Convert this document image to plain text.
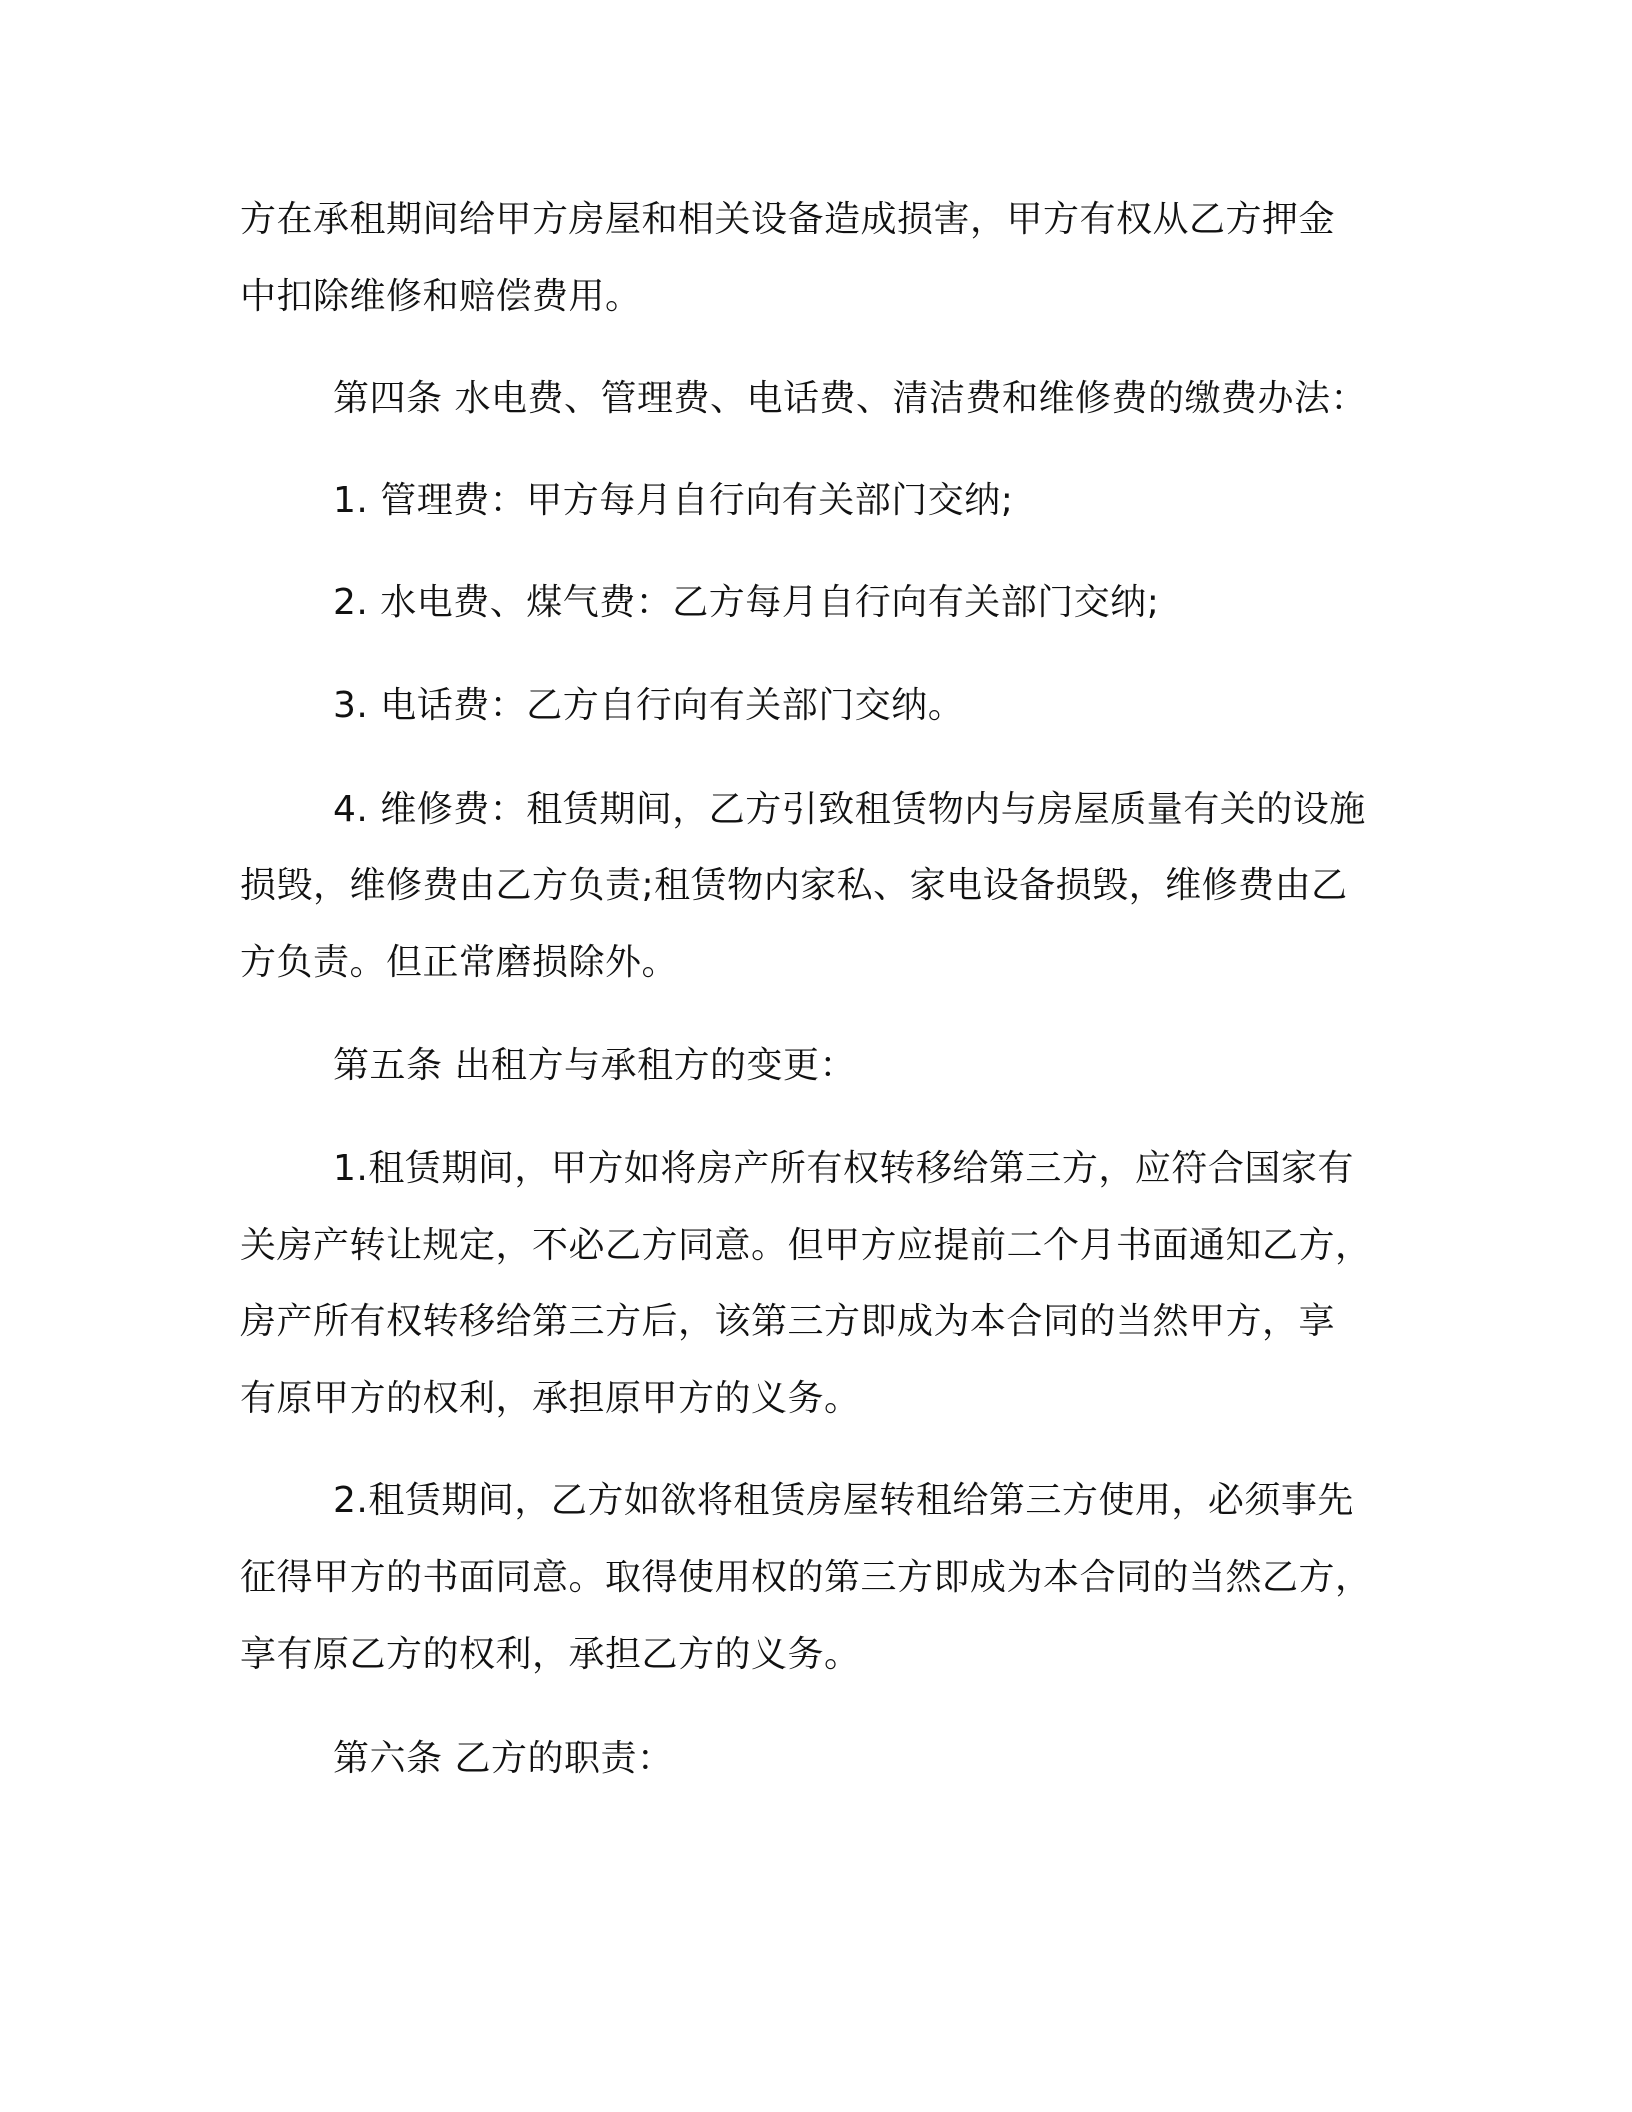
方在承租期间给甲方房屋和相关设备造成损害，甲方有权从乙方押金
中扣除维修和赔偿费用。
第四条 水电费、管理费、电话费、清洁费和维修费的缴费办法：
1. 管理费：甲方每月自行向有关部门交纳;
2. 水电费、煤气费：乙方每月自行向有关部门交纳;
3. 电话费：乙方自行向有关部门交纳。
4. 维修费：租赁期间，乙方引致租赁物内与房屋质量有关的设施
损毁，维修费由乙方负责;租赁物内家私、家电设备损毁，维修费由乙
方负责。但正常磨损除外。
第五条 出租方与承租方的变更：
1.租赁期间，甲方如将房产所有权转移给第三方，应符合国家有
关房产转让规定，不必乙方同意。但甲方应提前二个月书面通知乙方，
房产所有权转移给第三方后，该第三方即成为本合同的当然甲方，享
有原甲方的权利，承担原甲方的义务。
2.租赁期间，乙方如欲将租赁房屋转租给第三方使用，必须事先
征得甲方的书面同意。取得使用权的第三方即成为本合同的当然乙方，
享有原乙方的权利，承担乙方的义务。
第六条 乙方的职责：
